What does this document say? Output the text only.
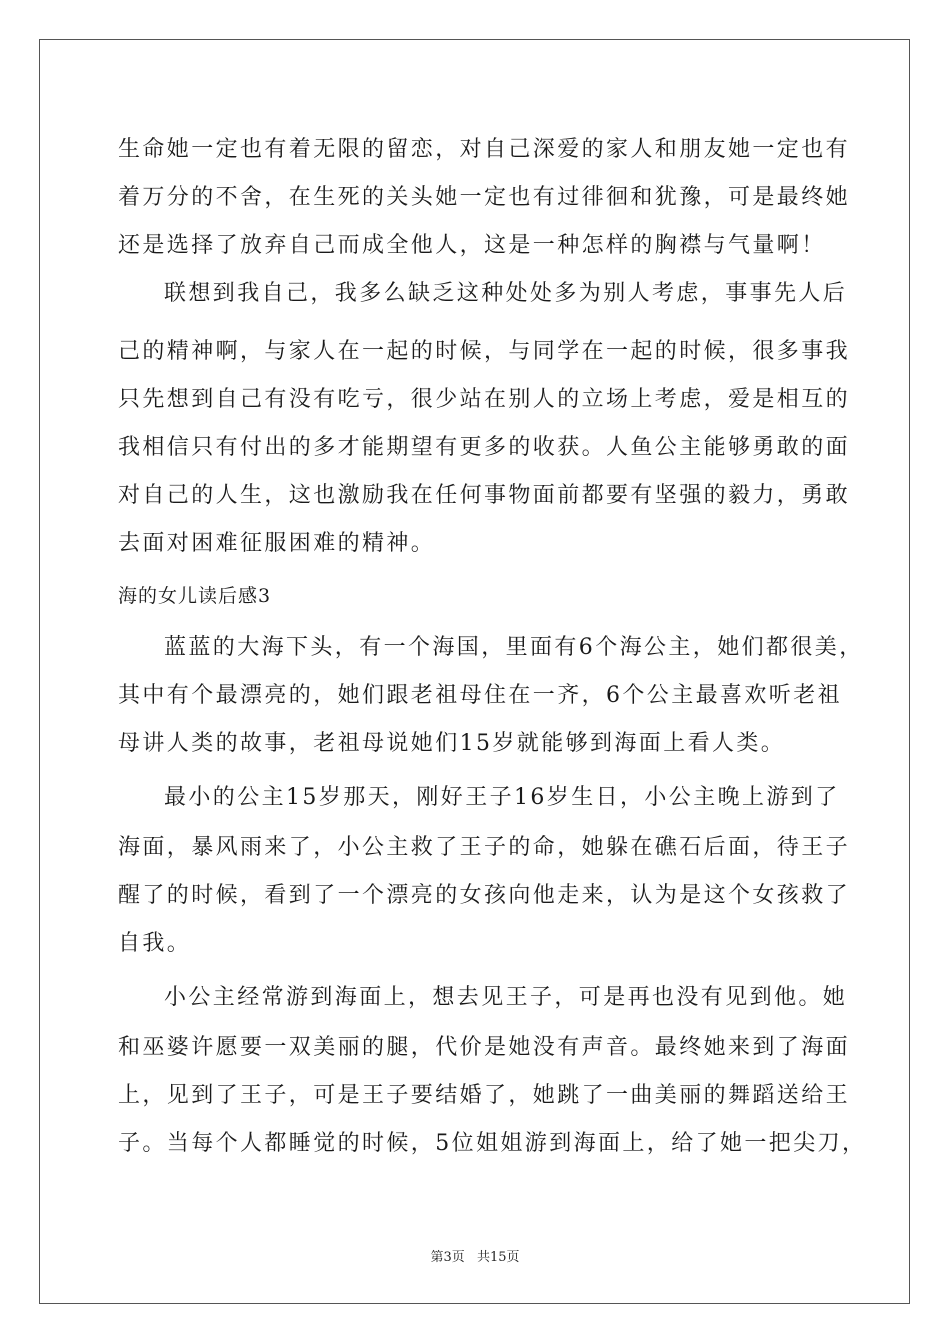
生命她一定也有着无限的留恋，对自己深爱的家人和朋友她一定也有
着万分的不舍，在生死的关头她一定也有过徘徊和犹豫，可是最终她
还是选择了放弃自己而成全他人，这是一种怎样的胸襟与气量啊！
联想到我自己，我多么缺乏这种处处多为别人考虑，事事先人后
己的精神啊，与家人在一起的时候，与同学在一起的时候，很多事我
只先想到自己有没有吃亏，很少站在别人的立场上考虑，爱是相互的
我相信只有付出的多才能期望有更多的收获。人鱼公主能够勇敢的面
对自己的人生，这也激励我在任何事物面前都要有坚强的毅力，勇敢
去面对困难征服困难的精神。
海的女儿读后感3
蓝蓝的大海下头，有一个海国，里面有6个海公主，她们都很美，
其中有个最漂亮的，她们跟老祖母住在一齐，6个公主最喜欢听老祖
母讲人类的故事，老祖母说她们15岁就能够到海面上看人类。
最小的公主15岁那天，刚好王子16岁生日，小公主晚上游到了
海面，暴风雨来了，小公主救了王子的命，她躲在礁石后面，待王子
醒了的时候，看到了一个漂亮的女孩向他走来，认为是这个女孩救了
自我。
小公主经常游到海面上，想去见王子，可是再也没有见到他。她
和巫婆许愿要一双美丽的腿，代价是她没有声音。最终她来到了海面
上，见到了王子，可是王子要结婚了，她跳了一曲美丽的舞蹈送给王
子。当每个人都睡觉的时候，5位姐姐游到海面上，给了她一把尖刀，
第3页 共15页
